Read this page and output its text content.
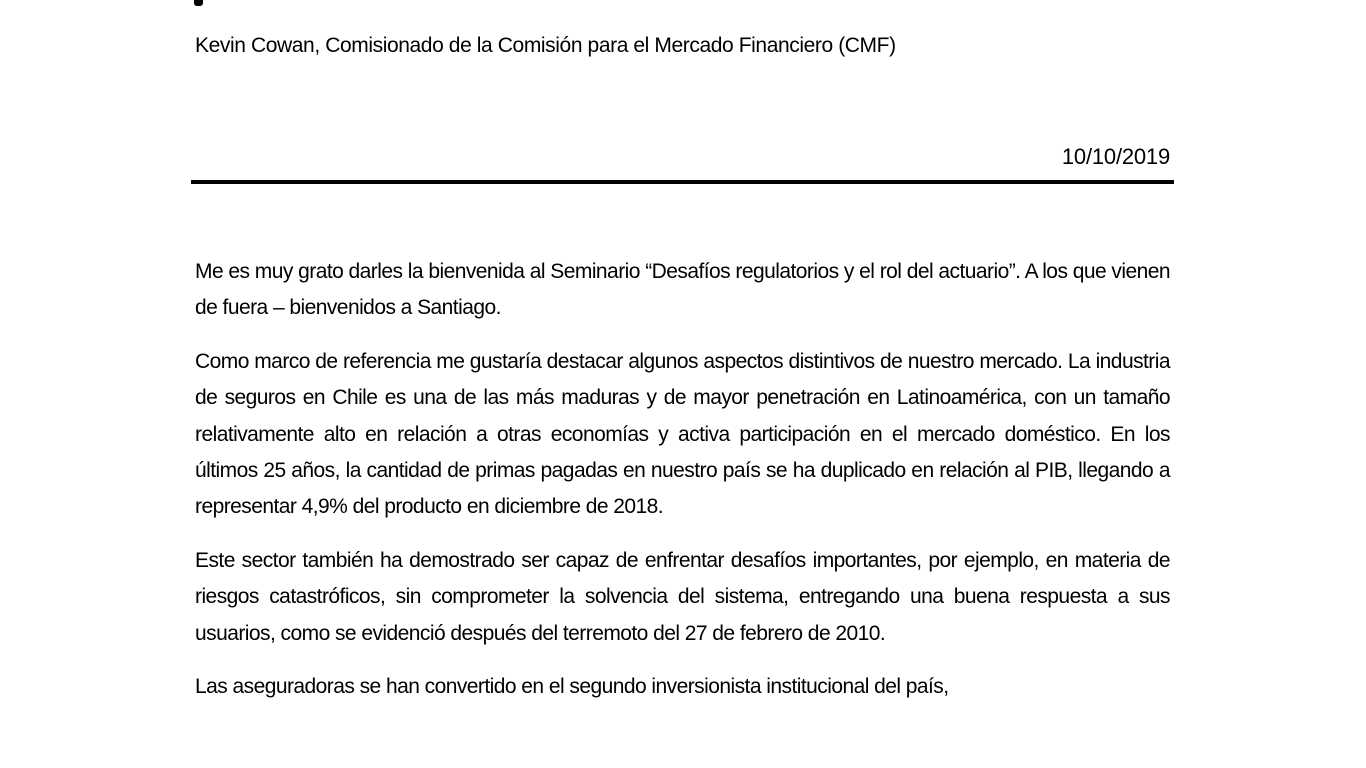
Kevin Cowan, Comisionado de la Comisión para el Mercado Financiero (CMF)
10/10/2019

Me es muy grato darles la bienvenida al Seminario “Desafíos regulatorios y el rol del actuario”. A los que vienen de fuera – bienvenidos a Santiago.

Como marco de referencia me gustaría destacar algunos aspectos distintivos de nuestro mercado. La industria de seguros en Chile es una de las más maduras y de mayor penetración en Latinoamérica, con un tamaño relativamente alto en relación a otras economías y activa participación en el mercado doméstico. En los últimos 25 años, la cantidad de primas pagadas en nuestro país se ha duplicado en relación al PIB, llegando a representar 4,9% del producto en diciembre de 2018.

Este sector también ha demostrado ser capaz de enfrentar desafíos importantes, por ejemplo, en materia de riesgos catastróficos, sin comprometer la solvencia del sistema, entregando una buena respuesta a sus usuarios, como se evidenció después del terremoto del 27 de febrero de 2010.

Las aseguradoras se han convertido en el segundo inversionista institucional del país,
